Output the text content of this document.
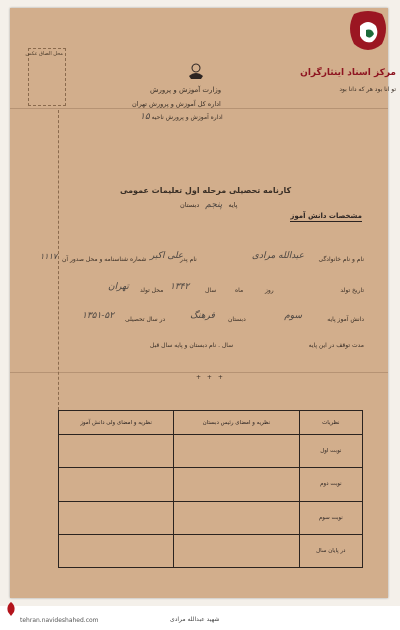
محل الصاق عکس
وزارت آموزش و پرورش
اداره کل آموزش و پرورش تهران
اداره آموزش و پرورش ناحیه ۱۵
کارنامه تحصیلی مرحله اول تعلیمات عمومی
پایه پنجم دبستان
مشخصات دانش آموز
نام و نام خانوادگی
عبدالله مرادی
نام پدر
علی اکبر
شماره شناسنامه و محل صدور آن
۱۱۱۷
تاریخ تولد
روز
ماه
سال
۱۳۴۲
محل تولد
تهران
دانش آموز پایه
سوم
دبستان
فرهنگ
در سال تحصیلی
۱۳۵۱-۵۲
مدت توقف در این پایه
سال . نام دبستان و پایه سال قبل
+ + +
نظریه و امضای ولی دانش آموز	نظریه و امضای رئیس دبستان	نظریات
		نوبت اول
		نوبت دوم
		نوبت سوم
		در پایان سال
مرکز اسناد اینثارگران
تو انا بود هر که دانا بود
tehran.navideshahed.com	شهید عبدالله مرادی
